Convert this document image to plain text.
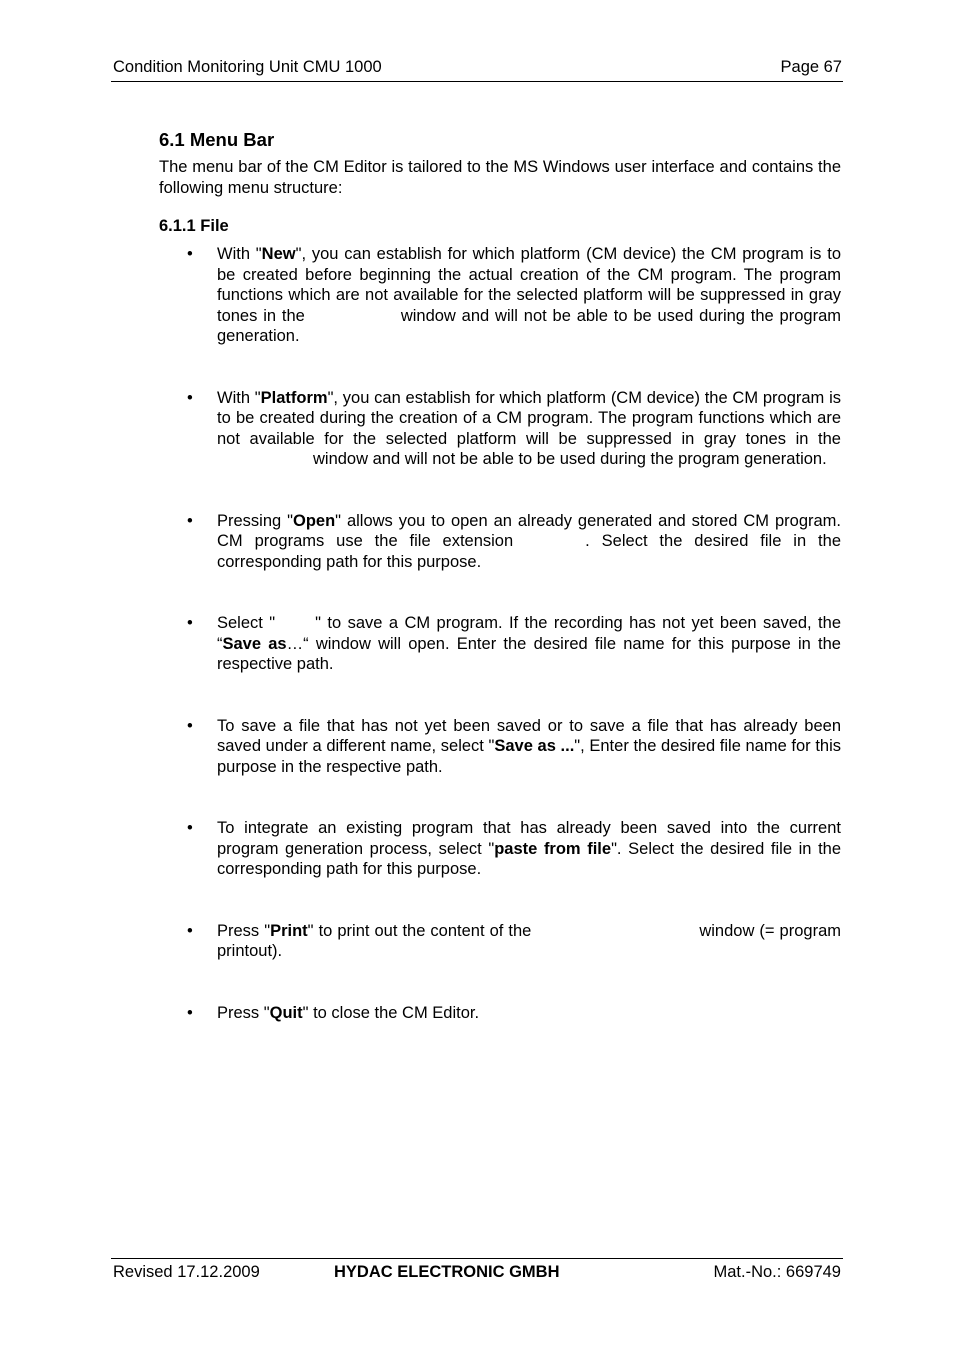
Condition Monitoring Unit CMU 1000	Page 67
6.1 Menu Bar

The menu bar of the CM Editor is tailored to the MS Windows user interface and contains the following menu structure:

6.1.1 File
• With "New", you can establish for which platform (CM device) the CM program is to be created before beginning the actual creation of the CM program. The program functions which are not available for the selected platform will be suppressed in gray tones in the	window and will not be able to be used during the program generation.
• With "Platform", you can establish for which platform (CM device) the CM program is to be created during the creation of a CM program. The program functions which are not available for the selected platform will be suppressed in gray tones in thewindow and will not be able to be used during the program generation.
• Pressing "Open" allows you to open an already generated and stored CM program. CM programs use the file extension	. Select the desired file in the corresponding path for this purpose.
• Select " " to save a CM program. If the recording has not yet been saved, the “Save as…“ window will open. Enter the desired file name for this purpose in the respective path.
• To save a file that has not yet been saved or to save a file that has already been saved under a different name, select "Save as ...", Enter the desired file name for this purpose in the respective path.
• To integrate an existing program that has already been saved into the current program generation process, select "paste from file". Select the desired file in the corresponding path for this purpose.
• Press "Print" to print out the content of the	window (= program printout).
• Press "Quit" to close the CM Editor.
Revised 17.12.2009	HYDAC ELECTRONIC GMBH	Mat.-No.: 669749
